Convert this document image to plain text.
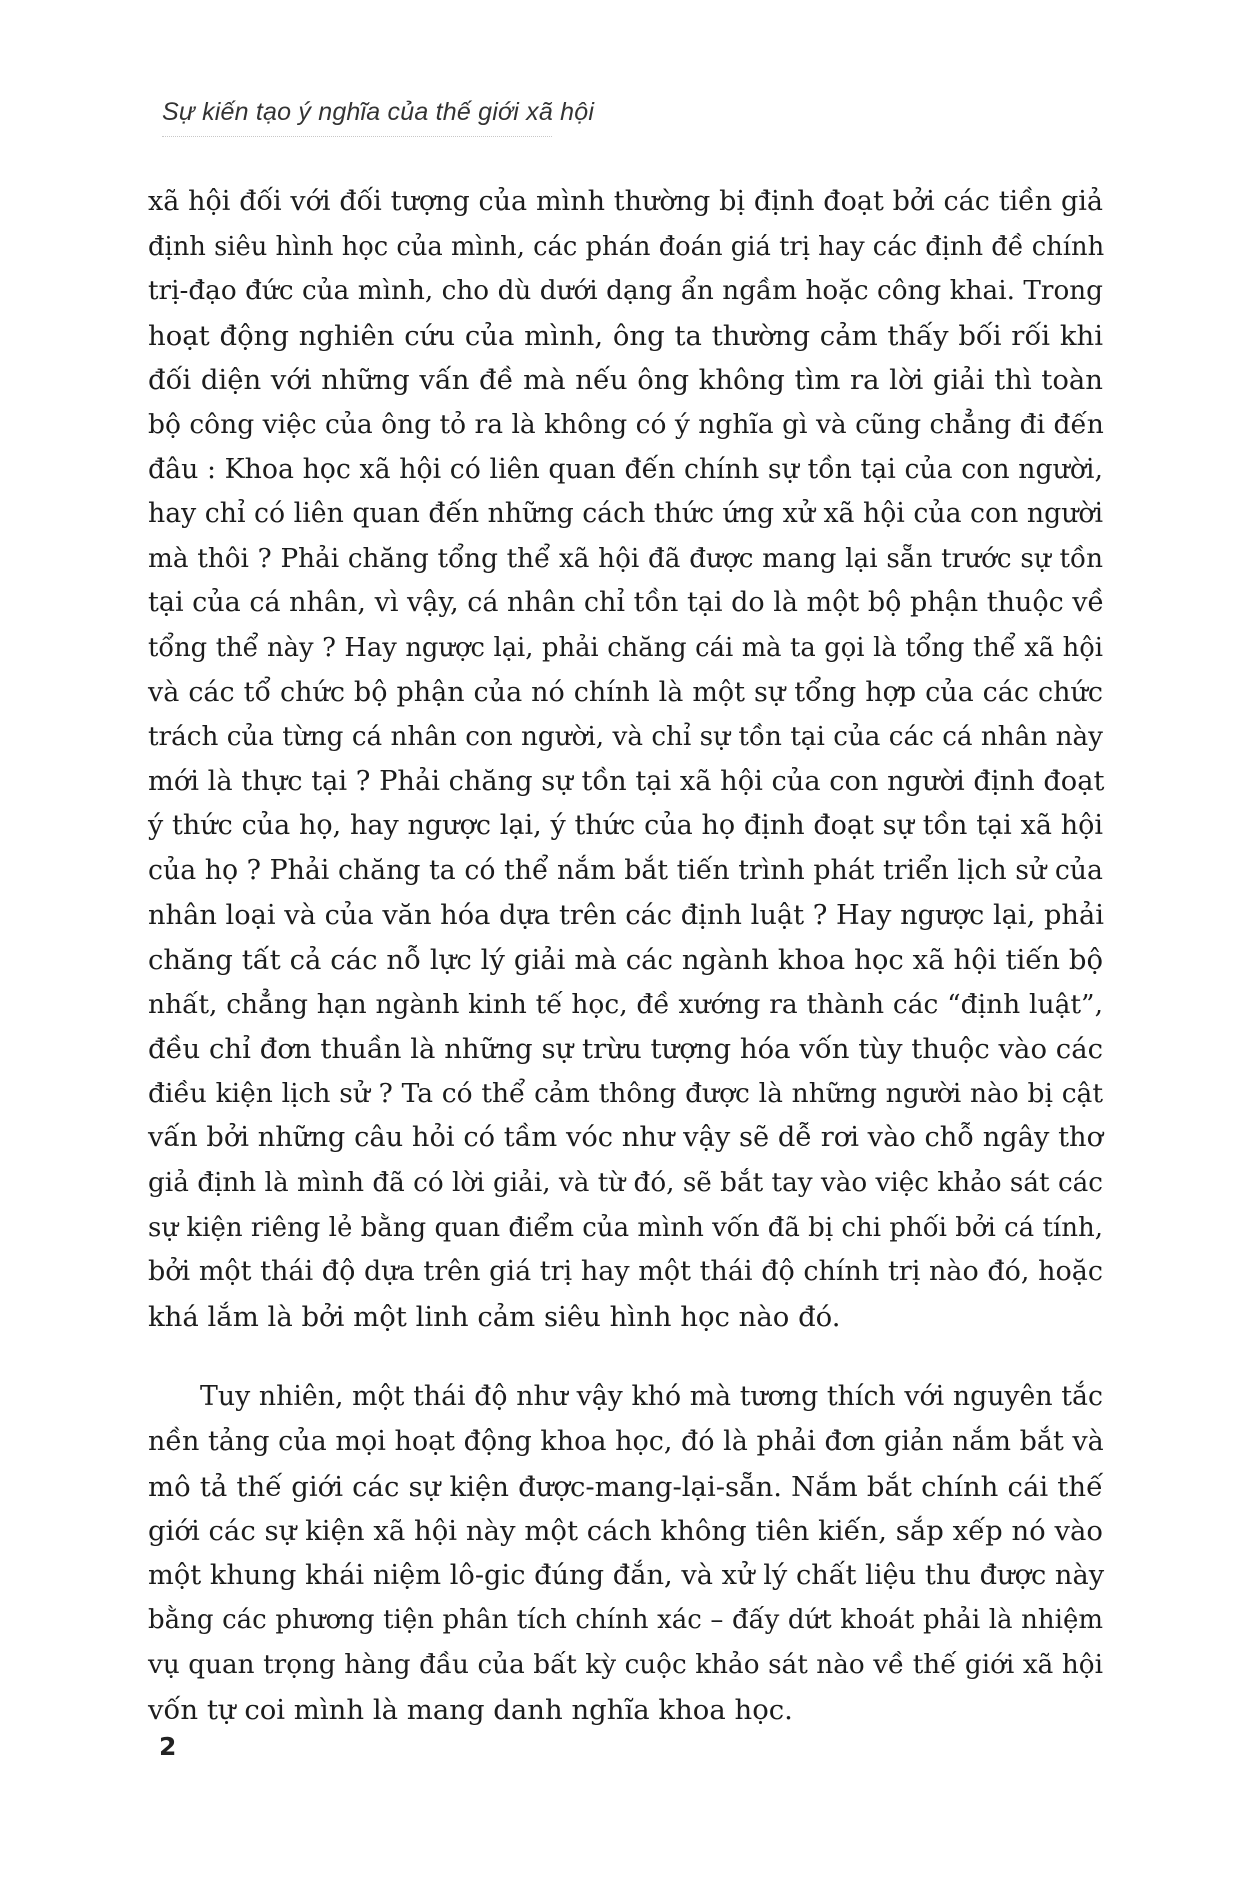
Sự kiến tạo ý nghĩa của thế giới xã hội
xã hội đối với đối tượng của mình thường bị định đoạt bởi các tiền giả
định siêu hình học của mình, các phán đoán giá trị hay các định đề chính
trị-đạo đức của mình, cho dù dưới dạng ẩn ngầm hoặc công khai. Trong
hoạt động nghiên cứu của mình, ông ta thường cảm thấy bối rối khi
đối diện với những vấn đề mà nếu ông không tìm ra lời giải thì toàn
bộ công việc của ông tỏ ra là không có ý nghĩa gì và cũng chẳng đi đến
đâu : Khoa học xã hội có liên quan đến chính sự tồn tại của con người,
hay chỉ có liên quan đến những cách thức ứng xử xã hội của con người
mà thôi ? Phải chăng tổng thể xã hội đã được mang lại sẵn trước sự tồn
tại của cá nhân, vì vậy, cá nhân chỉ tồn tại do là một bộ phận thuộc về
tổng thể này ? Hay ngược lại, phải chăng cái mà ta gọi là tổng thể xã hội
và các tổ chức bộ phận của nó chính là một sự tổng hợp của các chức
trách của từng cá nhân con người, và chỉ sự tồn tại của các cá nhân này
mới là thực tại ? Phải chăng sự tồn tại xã hội của con người định đoạt
ý thức của họ, hay ngược lại, ý thức của họ định đoạt sự tồn tại xã hội
của họ ? Phải chăng ta có thể nắm bắt tiến trình phát triển lịch sử của
nhân loại và của văn hóa dựa trên các định luật ? Hay ngược lại, phải
chăng tất cả các nỗ lực lý giải mà các ngành khoa học xã hội tiến bộ
nhất, chẳng hạn ngành kinh tế học, đề xướng ra thành các “định luật”,
đều chỉ đơn thuần là những sự trừu tượng hóa vốn tùy thuộc vào các
điều kiện lịch sử ? Ta có thể cảm thông được là những người nào bị cật
vấn bởi những câu hỏi có tầm vóc như vậy sẽ dễ rơi vào chỗ ngây thơ
giả định là mình đã có lời giải, và từ đó, sẽ bắt tay vào việc khảo sát các
sự kiện riêng lẻ bằng quan điểm của mình vốn đã bị chi phối bởi cá tính,
bởi một thái độ dựa trên giá trị hay một thái độ chính trị nào đó, hoặc
khá lắm là bởi một linh cảm siêu hình học nào đó.
Tuy nhiên, một thái độ như vậy khó mà tương thích với nguyên tắc
nền tảng của mọi hoạt động khoa học, đó là phải đơn giản nắm bắt và
mô tả thế giới các sự kiện được-mang-lại-sẵn. Nắm bắt chính cái thế
giới các sự kiện xã hội này một cách không tiên kiến, sắp xếp nó vào
một khung khái niệm lô-gic đúng đắn, và xử lý chất liệu thu được này
bằng các phương tiện phân tích chính xác – đấy dứt khoát phải là nhiệm
vụ quan trọng hàng đầu của bất kỳ cuộc khảo sát nào về thế giới xã hội
vốn tự coi mình là mang danh nghĩa khoa học.
2
